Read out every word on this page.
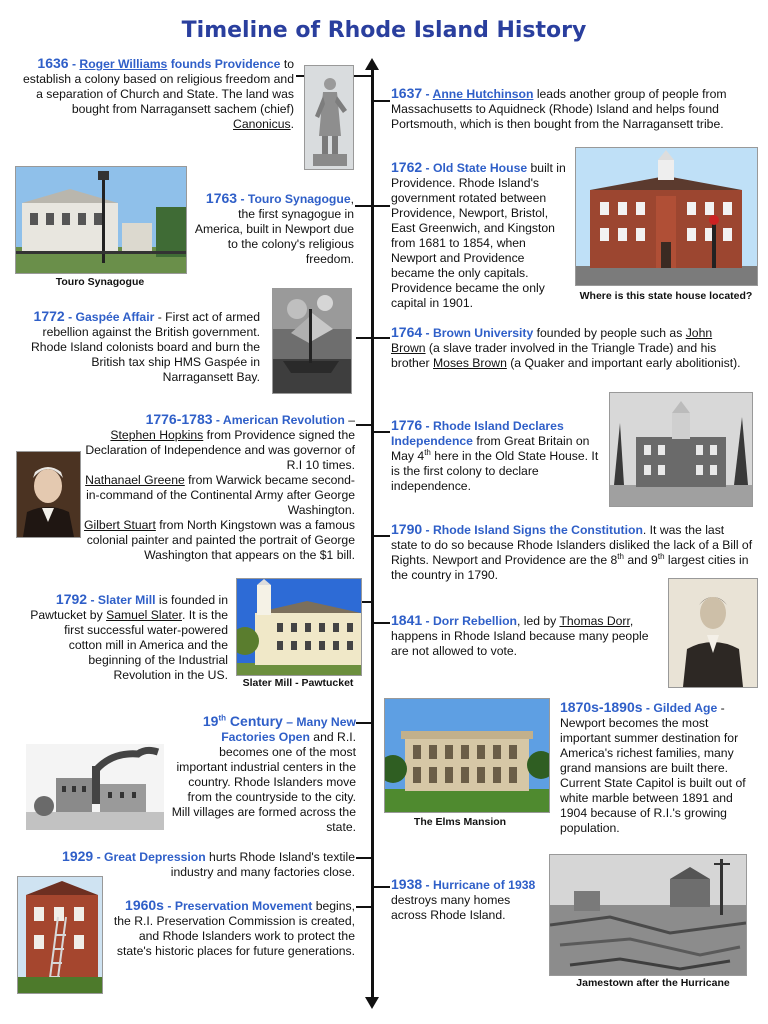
Timeline of Rhode Island History
1636 - Roger Williams founds Providence to establish a colony based on religious freedom and a separation of Church and State. The land was bought from Narragansett sachem (chief) Canonicus.
1763 - Touro Synagogue, the first synagogue in America, built in Newport due to the colony's religious freedom.
1772 - Gaspée Affair - First act of armed rebellion against the British government. Rhode Island colonists board and burn the British tax ship HMS Gaspée in Narragansett Bay.
1776-1783 - American Revolution –
Stephen Hopkins from Providence signed the Declaration of Independence and was governor of R.I 10 times.
Nathanael Greene from Warwick became second-in-command of the Continental Army after George Washington.
Gilbert Stuart from North Kingstown was a famous colonial painter and painted the portrait of George Washington that appears on the $1 bill.
1792 - Slater Mill is founded in Pawtucket by Samuel Slater. It is the first successful water-powered cotton mill in America and the beginning of the Industrial Revolution in the US.
19th Century – Many New Factories Open and R.I. becomes one of the most important industrial centers in the country. Rhode Islanders move from the countryside to the city. Mill villages are formed across the state.
1929 - Great Depression hurts Rhode Island's textile industry and many factories close.
1960s - Preservation Movement begins, the R.I. Preservation Commission is created, and Rhode Islanders work to protect the state's historic places for future generations.
1637 - Anne Hutchinson leads another group of people from Massachusetts to Aquidneck (Rhode) Island and helps found Portsmouth, which is then bought from the Narragansett tribe.
1762 - Old State House built in Providence. Rhode Island's government rotated between Providence, Newport, Bristol, East Greenwich, and Kingston from 1681 to 1854, when Newport and Providence became the only capitals. Providence became the only capital in 1901.
1764 - Brown University founded by people such as John Brown (a slave trader involved in the Triangle Trade) and his brother Moses Brown (a Quaker and important early abolitionist).
1776 - Rhode Island Declares Independence from Great Britain on May 4th here in the Old State House. It is the first colony to declare independence.
1790 - Rhode Island Signs the Constitution. It was the last state to do so because Rhode Islanders disliked the lack of a Bill of Rights. Newport and Providence are the 8th and 9th largest cities in the country in 1790.
1841 - Dorr Rebellion, led by Thomas Dorr, happens in Rhode Island because many people are not allowed to vote.
1870s-1890s - Gilded Age - Newport becomes the most important summer destination for America's richest families, many grand mansions are built there. Current State Capitol is built out of white marble between 1891 and 1904 because of R.I.'s growing population.
1938 - Hurricane of 1938 destroys many homes across Rhode Island.
Touro Synagogue
Where is this state house located?
Slater Mill - Pawtucket
The Elms Mansion
Jamestown after the Hurricane
